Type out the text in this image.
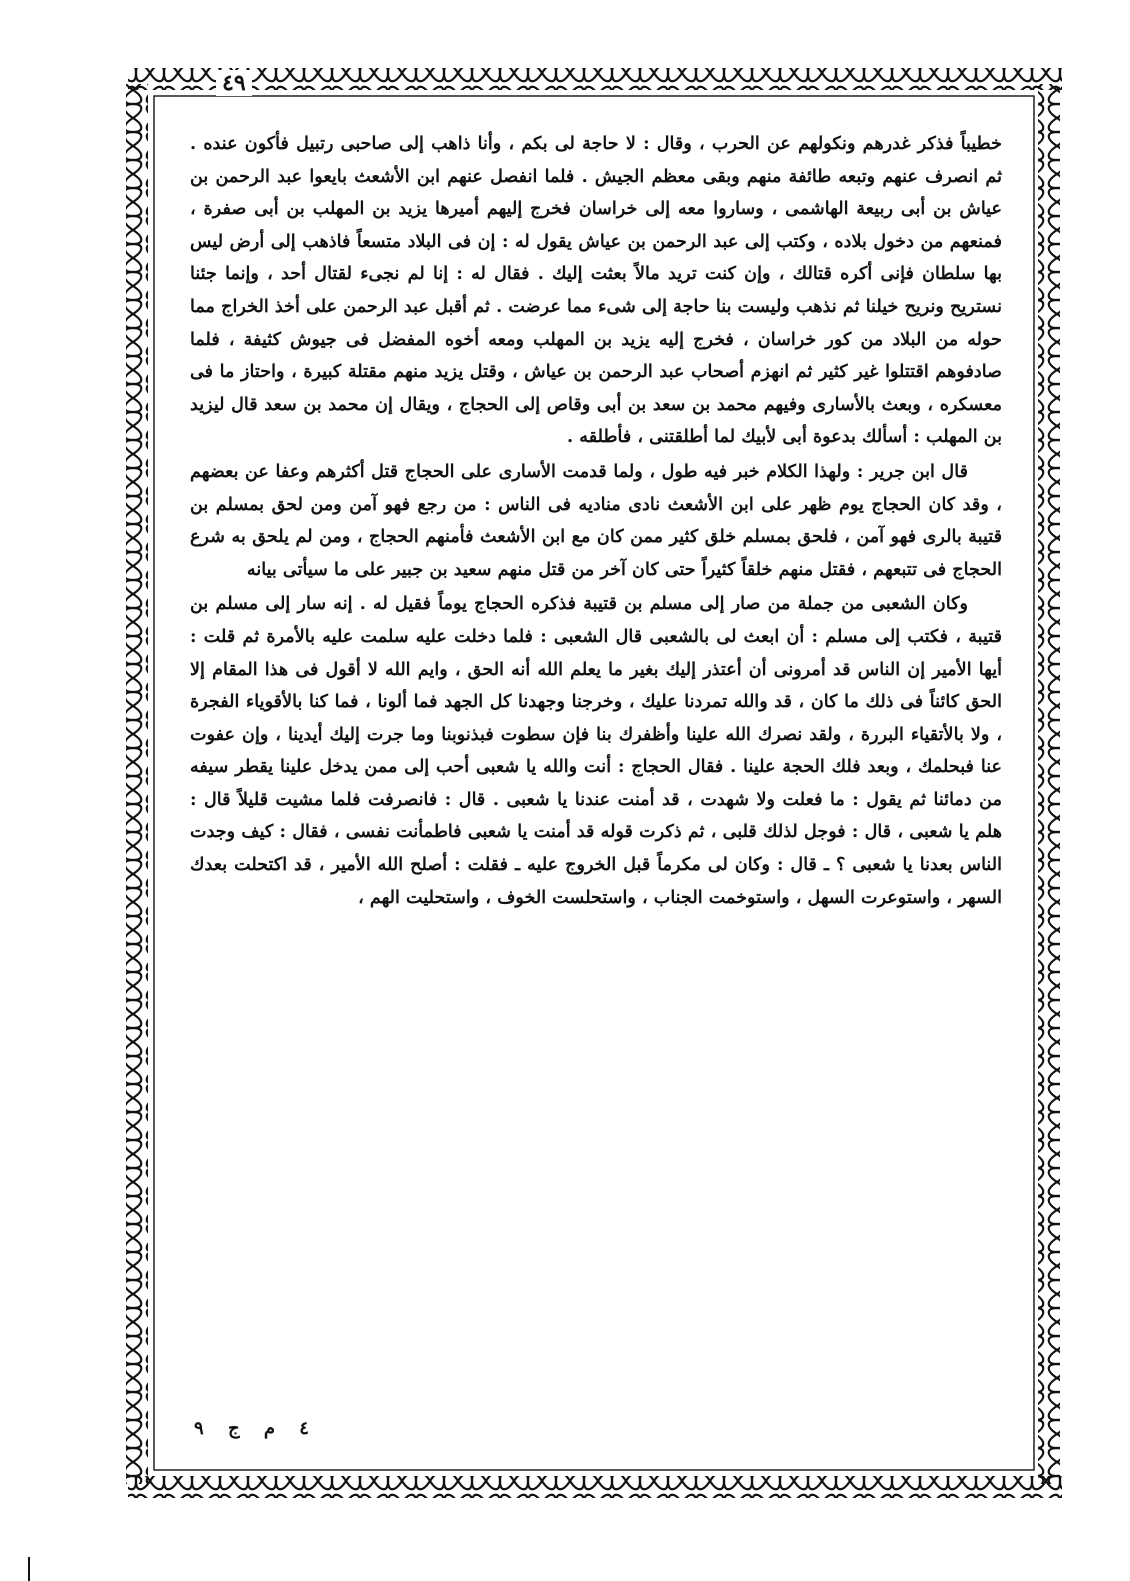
٤٩

خطيباً فذكر غدرهم ونكولهم عن الحرب ، وقال : لا حاجة لى بكم ، وأنا ذاهب إلى صاحبى رتبيل فأكون عنده . ثم انصرف عنهم وتبعه طائفة منهم وبقى معظم الجيش . فلما انفصل عنهم ابن الأشعث بايعوا عبد الرحمن بن عياش بن أبى ربيعة الهاشمى ، وساروا معه إلى خراسان فخرج إليهم أميرها يزيد بن المهلب بن أبى صفرة ، فمنعهم من دخول بلاده ، وكتب إلى عبد الرحمن بن عياش يقول له : إن فى البلاد متسعاً فاذهب إلى أرض ليس بها سلطان فإنى أكره قتالك ، وإن كنت تريد مالاً بعثت إليك . فقال له : إنا لم نجىء لقتال أحد ، وإنما جئنا نستريح ونريح خيلنا ثم نذهب وليست بنا حاجة إلى شىء مما عرضت . ثم أقبل عبد الرحمن على أخذ الخراج مما حوله من البلاد من كور خراسان ، فخرج إليه يزيد بن المهلب ومعه أخوه المفضل فى جيوش كثيفة ، فلما صادفوهم اقتتلوا غير كثير ثم انهزم أصحاب عبد الرحمن بن عياش ، وقتل يزيد منهم مقتلة كبيرة ، واحتاز ما فى معسكره ، وبعث بالأسارى وفيهم محمد بن سعد بن أبى وقاص إلى الحجاج ، ويقال إن محمد بن سعد قال ليزيد بن المهلب : أسألك بدعوة أبى لأبيك لما أطلقتنى ، فأطلقه .

قال ابن جرير : ولهذا الكلام خبر فيه طول ، ولما قدمت الأسارى على الحجاج قتل أكثرهم وعفا عن بعضهم ، وقد كان الحجاج يوم ظهر على ابن الأشعث نادى مناديه فى الناس : من رجع فهو آمن ومن لحق بمسلم بن قتيبة بالرى فهو آمن ، فلحق بمسلم خلق كثير ممن كان مع ابن الأشعث فأمنهم الحجاج ، ومن لم يلحق به شرع الحجاج فى تتبعهم ، فقتل منهم خلقاً كثيراً حتى كان آخر من قتل منهم سعيد بن جبير على ما سيأتى بيانه

وكان الشعبى من جملة من صار إلى مسلم بن قتيبة فذكره الحجاج يوماً فقيل له . إنه سار إلى مسلم بن قتيبة ، فكتب إلى مسلم : أن ابعث لى بالشعبى قال الشعبى : فلما دخلت عليه سلمت عليه بالأمرة ثم قلت : أيها الأمير إن الناس قد أمرونى أن أعتذر إليك بغير ما يعلم الله أنه الحق ، وايم الله لا أقول فى هذا المقام إلا الحق كائناً فى ذلك ما كان ، قد والله تمردنا عليك ، وخرجنا وجهدنا كل الجهد فما ألونا ، فما كنا بالأقوياء الفجرة ، ولا بالأتقياء البررة ، ولقد نصرك الله علينا وأظفرك بنا فإن سطوت فبذنوبنا وما جرت إليك أيدينا ، وإن عفوت عنا فبحلمك ، وبعد فلك الحجة علينا . فقال الحجاج : أنت والله يا شعبى أحب إلى ممن يدخل علينا يقطر سيفه من دمائنا ثم يقول : ما فعلت ولا شهدت ، قد أمنت عندنا يا شعبى . قال : فانصرفت فلما مشيت قليلاً قال : هلم يا شعبى ، قال : فوجل لذلك قلبى ، ثم ذكرت قوله قد أمنت يا شعبى فاطمأنت نفسى ، فقال : كيف وجدت الناس بعدنا يا شعبى ؟ ـ قال : وكان لى مكرماً قبل الخروج عليه ـ فقلت : أصلح الله الأمير ، قد اكتحلت بعدك السهر ، واستوعرت السهل ، واستوخمت الجناب ، واستحلست الخوف ، واستحليت الهم ،

٤ م ج ٩
